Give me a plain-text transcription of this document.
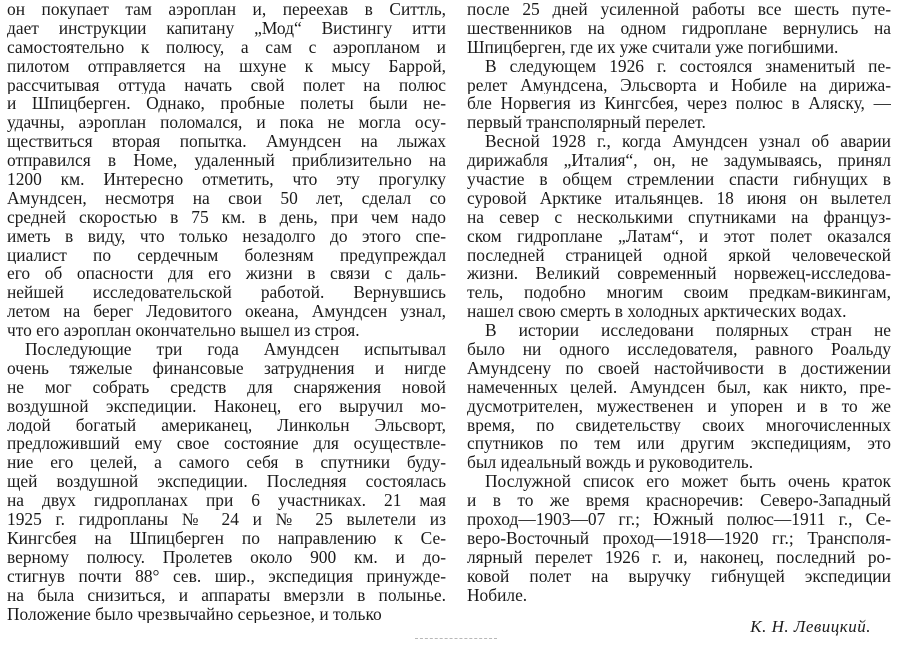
он покупает там аэроплан и, переехав в Ситтль,
дает инструкции капитану „Мод“ Вистингу итти
самостоятельно к полюсу, а сам с аэропланом и
пилотом отправляется на шхуне к мысу Баррой,
рассчитывая оттуда начать свой полет на полюс
и Шпицберген. Однако, пробные полеты были не-
удачны, аэроплан поломался, и пока не могла осу-
ществиться вторая попытка. Амундсен на лыжах
отправился в Номе, удаленный приблизительно на
1200 км. Интересно отметить, что эту прогулку
Амундсен, несмотря на свои 50 лет, сделал со
средней скоростью в 75 км. в день, при чем надо
иметь в виду, что только незадолго до этого спе-
циалист по сердечным болезням предупреждал
его об опасности для его жизни в связи с даль-
нейшей исследовательской работой. Вернувшись
летом на берег Ледовитого океана, Амундсен узнал,
что его аэроплан окончательно вышел из строя.
Последующие три года Амундсен испытывал
очень тяжелые финансовые затруднения и нигде
не мог собрать средств для снаряжения новой
воздушной экспедиции. Наконец, его выручил мо-
лодой богатый американец, Линкольн Эльсворт,
предложивший ему свое состояние для осуществле-
ние его целей, а самого себя в спутники буду-
щей воздушной экспедиции. Последняя состоялась
на двух гидропланах при 6 участниках. 21 мая
1925 г. гидропланы № 24 и № 25 вылетели из
Кингсбея на Шпицберген по направлению к Се-
верному полюсу. Пролетев около 900 км. и до-
стигнув почти 88° сев. шир., экспедиция принужде-
на была снизиться, и аппараты вмерзли в полынье.
Положение было чрезвычайно серьезное, и только
после 25 дней усиленной работы все шесть путе-
шественников на одном гидроплане вернулись на
Шпицберген, где их уже считали уже погибшими.
В следующем 1926 г. состоялся знаменитый пе-
релет Амундсена, Эльсворта и Нобиле на дирижа-
бле Норвегия из Кингсбея, через полюс в Аляску, —
первый трансполярный перелет.
Весной 1928 г., когда Амундсен узнал об аварии
дирижабля „Италия“, он, не задумываясь, принял
участие в общем стремлении спасти гибнущих в
суровой Арктике итальянцев. 18 июня он вылетел
на север с несколькими спутниками на француз-
ском гидроплане „Латам“, и этот полет оказался
последней страницей одной яркой человеческой
жизни. Великий современный норвежец-исследова-
тель, подобно многим своим предкам-викингам,
нашел свою смерть в холодных арктических водах.
В истории исследовани полярных стран не
было ни одного исследователя, равного Роальду
Амундсену по своей настойчивости в достижении
намеченных целей. Амундсен был, как никто, пре-
дусмотрителен, мужественен и упорен и в то же
время, по свидетельству своих многочисленных
спутников по тем или другим экспедициям, это
был идеальный вождь и руководитель.
Послужной список его может быть очень краток
и в то же время красноречив: Северо-Западный
проход—1903—07 гг.; Южный полюс—1911 г., Се-
веро-Восточный проход—1918—1920 гг.; Трансполя-
лярный перелет 1926 г. и, наконец, последний ро-
ковой полет на выручку гибнущей экспедиции
Нобиле.
К. Н. Левицкий.
